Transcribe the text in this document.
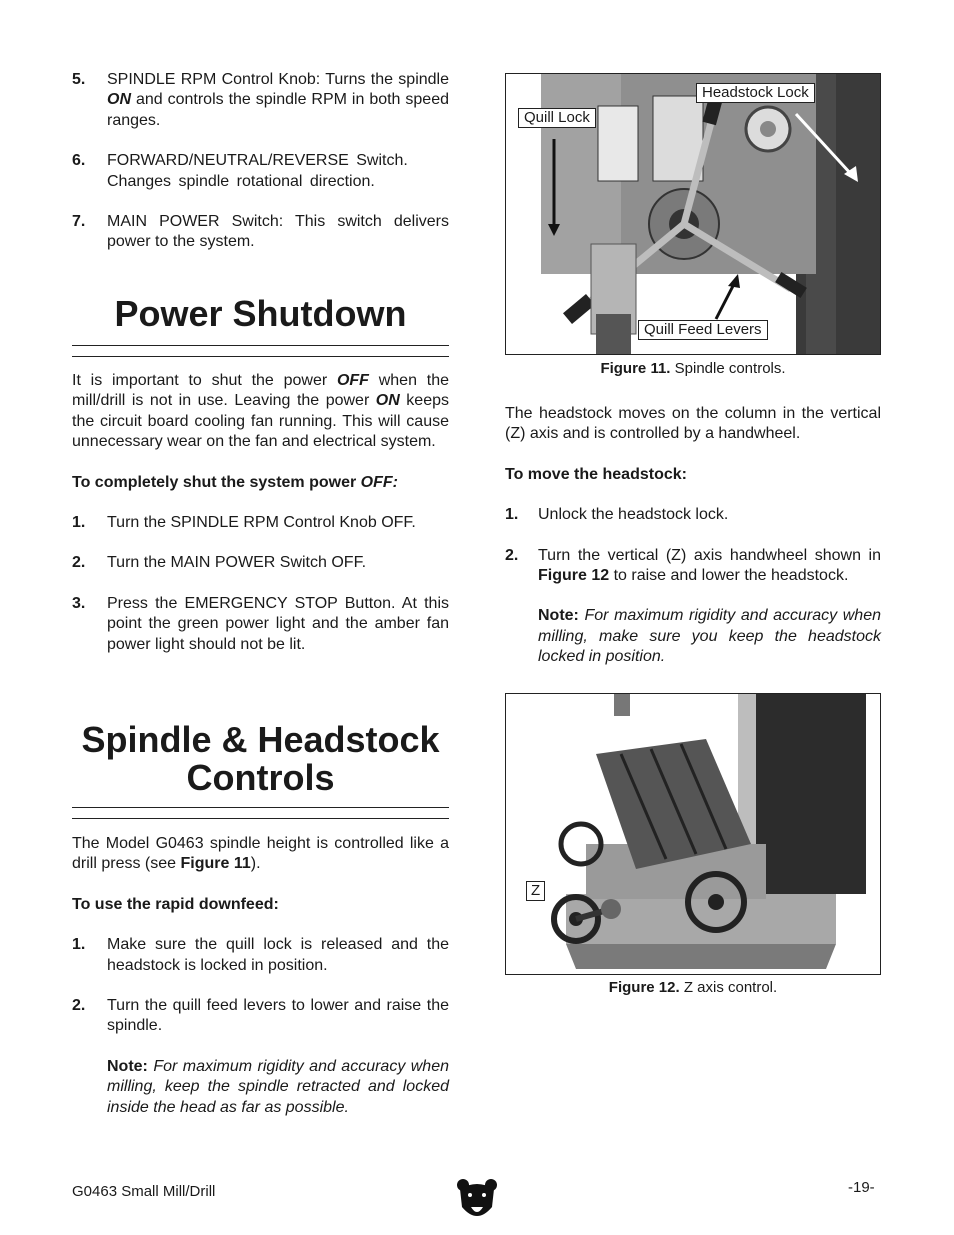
5. SPINDLE RPM Control Knob: Turns the spindle ON and controls the spindle RPM in both speed ranges.
6. FORWARD/NEUTRAL/REVERSE Switch. Changes spindle rotational direction.
7. MAIN POWER Switch: This switch delivers power to the system.
Power Shutdown
It is important to shut the power OFF when the mill/drill is not in use. Leaving the power ON keeps the circuit board cooling fan running. This will cause unnecessary wear on the fan and electrical system.
To completely shut the system power OFF:
1. Turn the SPINDLE RPM Control Knob OFF.
2. Turn the MAIN POWER Switch OFF.
3. Press the EMERGENCY STOP Button. At this point the green power light and the amber fan power light should not be lit.
Spindle & Headstock
Controls
The Model G0463 spindle height is controlled like a drill press (see Figure 11).
To use the rapid downfeed:
1. Make sure the quill lock is released and the headstock is locked in position.
2. Turn the quill feed levers to lower and raise the spindle.
Note: For maximum rigidity and accuracy when milling, keep the spindle retracted and locked inside the head as far as possible.
Quill Lock
Headstock Lock
Quill Feed Levers
Figure 11. Spindle controls.
The headstock moves on the column in the vertical (Z) axis and is controlled by a handwheel.
To move the headstock:
1. Unlock the headstock lock.
2. Turn the vertical (Z) axis handwheel shown in Figure 12 to raise and lower the headstock.
Note: For maximum rigidity and accuracy when milling, make sure you keep the headstock locked in position.
Z
Figure 12. Z axis control.
G0463 Small Mill/Drill	-19-
